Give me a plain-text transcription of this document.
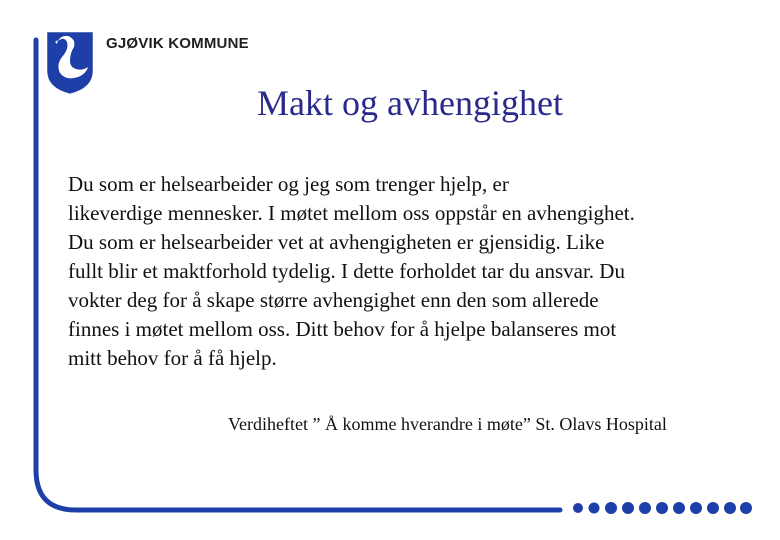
GJØVIK KOMMUNE
Makt og avhengighet
Du som er helsearbeider og jeg som trenger hjelp, er
likeverdige mennesker. I møtet mellom oss oppstår en avhengighet.
Du som er helsearbeider vet at avhengigheten er gjensidig. Like
fullt blir et maktforhold tydelig. I dette forholdet tar du ansvar. Du
vokter deg for å skape større avhengighet enn den som allerede
finnes i møtet mellom oss. Ditt behov for å hjelpe balanseres mot
mitt behov for å få hjelp.
Verdiheftet ” Å komme hverandre i møte” St. Olavs Hospital
